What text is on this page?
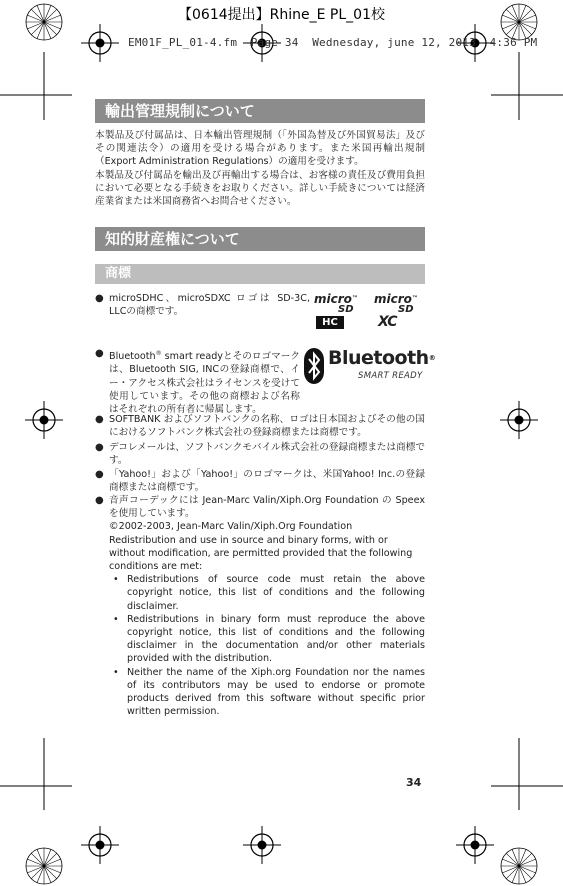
【0614提出】Rhine_E PL_01校
EM01F_PL_01-4.fm  Page 34  Wednesday, june 12, 2013  4:36 PM
輸出管理規制について

本製品及び付属品は、日本輸出管理規制（「外国為替及び外国貿易法」及びその関連法令）の適用を受ける場合があります。また米国再輸出規制（Export Administration Regulations）の適用を受けます。

本製品及び付属品を輸出及び再輸出する場合は、お客様の責任及び費用負担において必要となる手続きをお取りください。詳しい手続きについては経済産業省または米国商務省へお問合せください。

知的財産権について
商標
● microSDHC、microSDXC ロゴは SD-3C, LLCの商標です。
micro™
SD
HC
micro™
SD
XC
● Bluetooth® smart readyとそのロゴマークは、Bluetooth SIG, INCの登録商標で、イー・アクセス株式会社はライセンスを受けて使用しています。その他の商標および名称はそれぞれの所有者に帰属します。
Bluetooth®
SMART READY
● SOFTBANK およびソフトバンクの名称、ロゴは日本国およびその他の国におけるソフトバンク株式会社の登録商標または商標です。
● デコレメールは、ソフトバンクモバイル株式会社の登録商標または商標です。
● 「Yahoo!」および「Yahoo!」のロゴマークは、米国Yahoo! Inc.の登録商標または商標です。
● 音声コーデックには Jean-Marc Valin/Xiph.Org Foundation の Speex を使用しています。

©2002-2003, Jean-Marc Valin/Xiph.Org Foundation

Redistribution and use in source and binary forms, with or without modification, are permitted provided that the following conditions are met:

• Redistributions of source code must retain the above copyright notice, this list of conditions and the following disclaimer.
• Redistributions in binary form must reproduce the above copyright notice, this list of conditions and the following disclaimer in the documentation and/or other materials provided with the distribution.
• Neither the name of the Xiph.org Foundation nor the names of its contributors may be used to endorse or promote products derived from this software without specific prior written permission.
34
